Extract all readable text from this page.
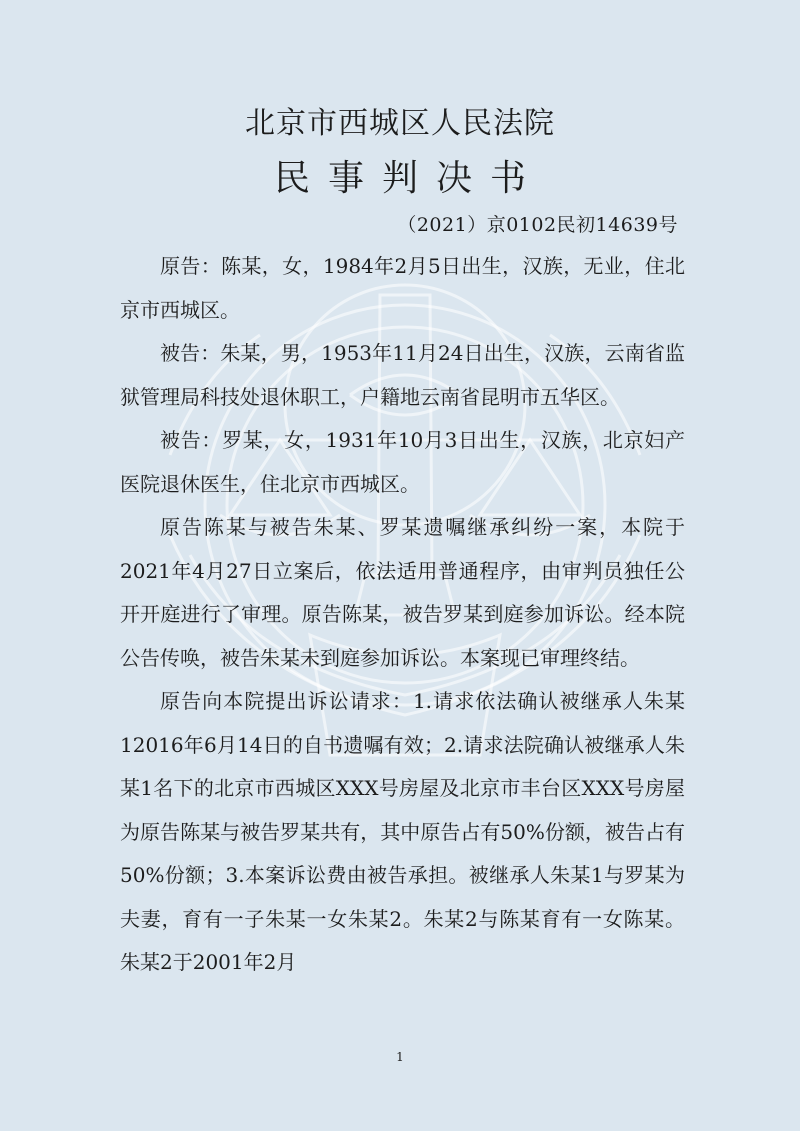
北京市西城区人民法院
民 事 判 决 书
（2021）京0102民初14639号

原告：陈某，女，1984年2月5日出生，汉族，无业，住北京市西城区。

被告：朱某，男，1953年11月24日出生，汉族，云南省监狱管理局科技处退休职工，户籍地云南省昆明市五华区。

被告：罗某，女，1931年10月3日出生，汉族，北京妇产医院退休医生，住北京市西城区。

原告陈某与被告朱某、罗某遗嘱继承纠纷一案，本院于2021年4月27日立案后，依法适用普通程序，由审判员独任公开开庭进行了审理。原告陈某，被告罗某到庭参加诉讼。经本院公告传唤，被告朱某未到庭参加诉讼。本案现已审理终结。

原告向本院提出诉讼请求：1.请求依法确认被继承人朱某12016年6月14日的自书遗嘱有效；2.请求法院确认被继承人朱某1名下的北京市西城区XXX号房屋及北京市丰台区XXX号房屋为原告陈某与被告罗某共有，其中原告占有50%份额，被告占有50%份额；3.本案诉讼费由被告承担。被继承人朱某1与罗某为夫妻，育有一子朱某一女朱某2。朱某2与陈某育有一女陈某。朱某2于2001年2月

1
